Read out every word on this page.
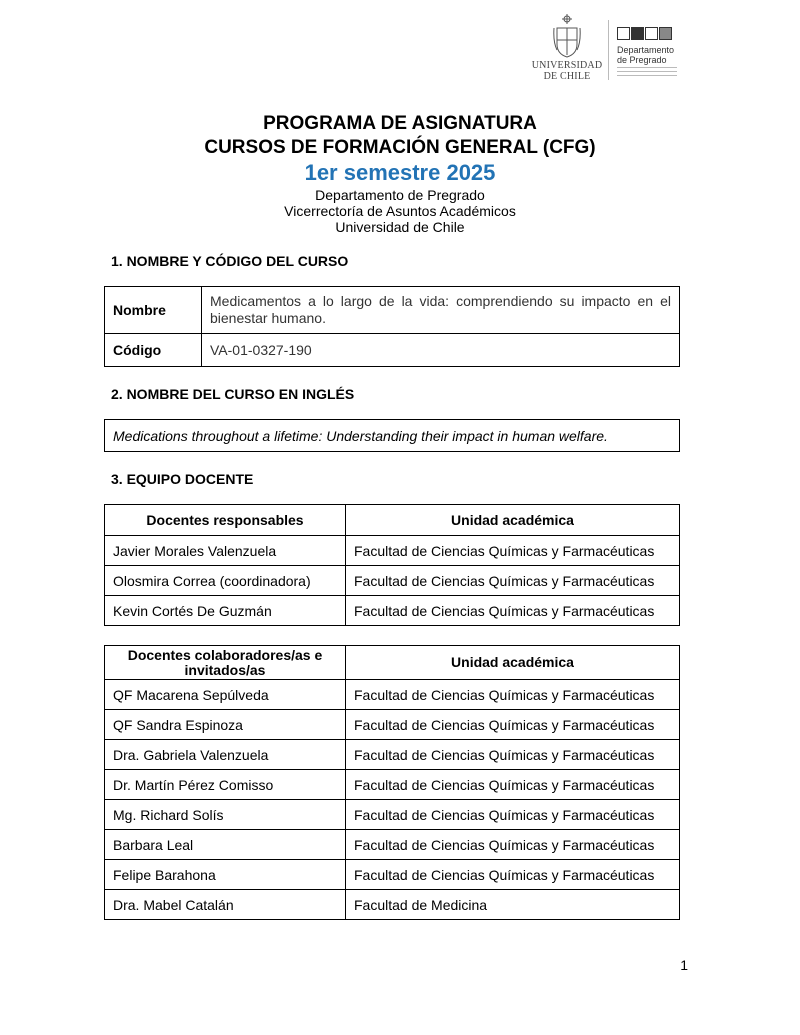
UNIVERSIDAD
DE CHILE
Departamento
de Pregrado
PROGRAMA DE ASIGNATURA
CURSOS DE FORMACIÓN GENERAL (CFG)
1er semestre 2025
Departamento de Pregrado
Vicerrectoría de Asuntos Académicos
Universidad de Chile
1. NOMBRE Y CÓDIGO DEL CURSO
Nombre	Medicamentos a lo largo de la vida: comprendiendo su impacto en el bienestar humano.
Código	VA-01-0327-190
2. NOMBRE DEL CURSO EN INGLÉS
Medications throughout a lifetime: Understanding their impact in human welfare.
3. EQUIPO DOCENTE
Docentes responsables	Unidad académica
Javier Morales Valenzuela	Facultad de Ciencias Químicas y Farmacéuticas
Olosmira Correa (coordinadora)	Facultad de Ciencias Químicas y Farmacéuticas
Kevin Cortés De Guzmán	Facultad de Ciencias Químicas y Farmacéuticas
Docentes colaboradores/as e invitados/as	Unidad académica
QF Macarena Sepúlveda	Facultad de Ciencias Químicas y Farmacéuticas
QF Sandra Espinoza	Facultad de Ciencias Químicas y Farmacéuticas
Dra. Gabriela Valenzuela	Facultad de Ciencias Químicas y Farmacéuticas
Dr. Martín Pérez Comisso	Facultad de Ciencias Químicas y Farmacéuticas
Mg. Richard Solís	Facultad de Ciencias Químicas y Farmacéuticas
Barbara Leal	Facultad de Ciencias Químicas y Farmacéuticas
Felipe Barahona	Facultad de Ciencias Químicas y Farmacéuticas
Dra. Mabel Catalán	Facultad de Medicina
1
